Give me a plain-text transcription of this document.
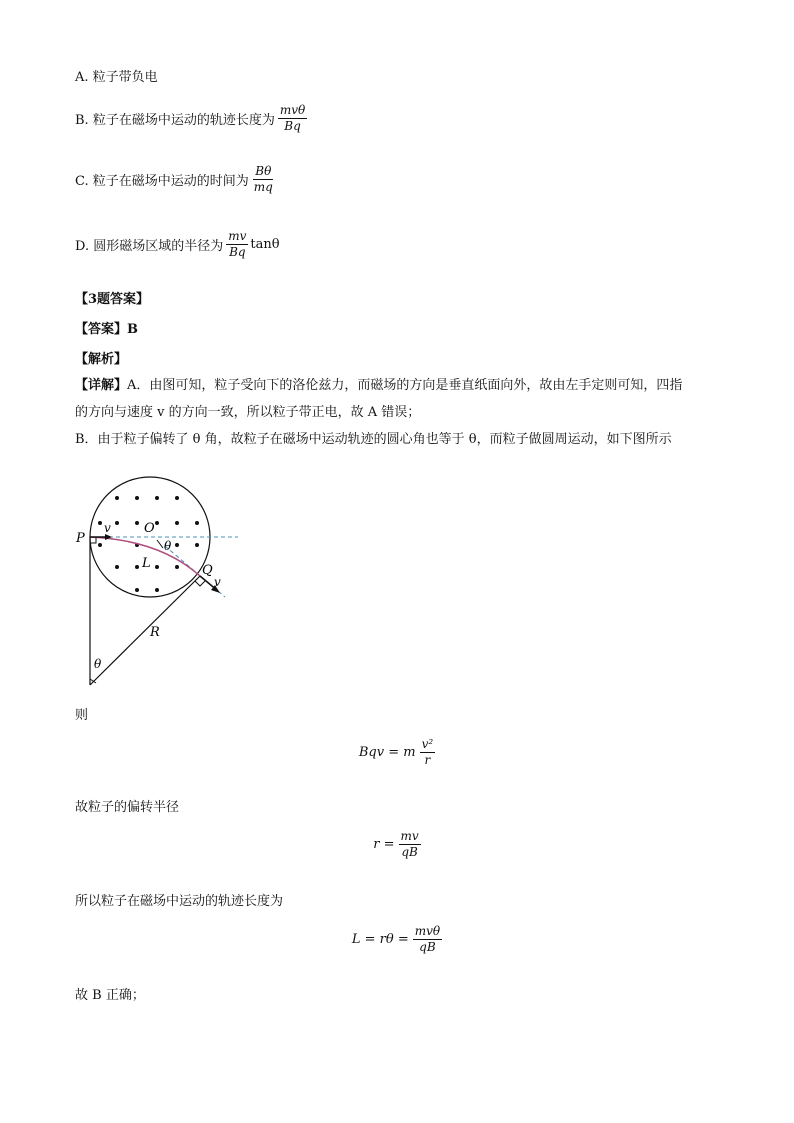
A. 粒子带负电
B. 粒子在磁场中运动的轨迹长度为 $\frac{\text{mvθ}}{Bq}$
C. 粒子在磁场中运动的时间为 $\frac{B\theta}{mq}$
D. 圆形磁场区域的半径为 $\frac{mv}{Bq}$ tanθ
【3题答案】
【答案】B
【解析】
【详解】A．由图可知，粒子受向下的洛伦兹力，而磁场的方向是垂直纸面向外，故由左手定则可知，四指
的方向与速度 v 的方向一致，所以粒子带正电，故 A 错误；
B．由于粒子偏转了 θ 角，故粒子在磁场中运动轨迹的圆心角也等于 θ，而粒子做圆周运动，如下图所示
P
v	O
θ
L	Q
v
R
θ
则
Bqv = m $\frac{\text{v²}}{r}$
故粒子的偏转半径
$r = \frac{mv}{qB}$
所以粒子在磁场中运动的轨迹长度为
$L = r\theta = \frac{\text{mvθ}}{qB}$
故 B 正确；
